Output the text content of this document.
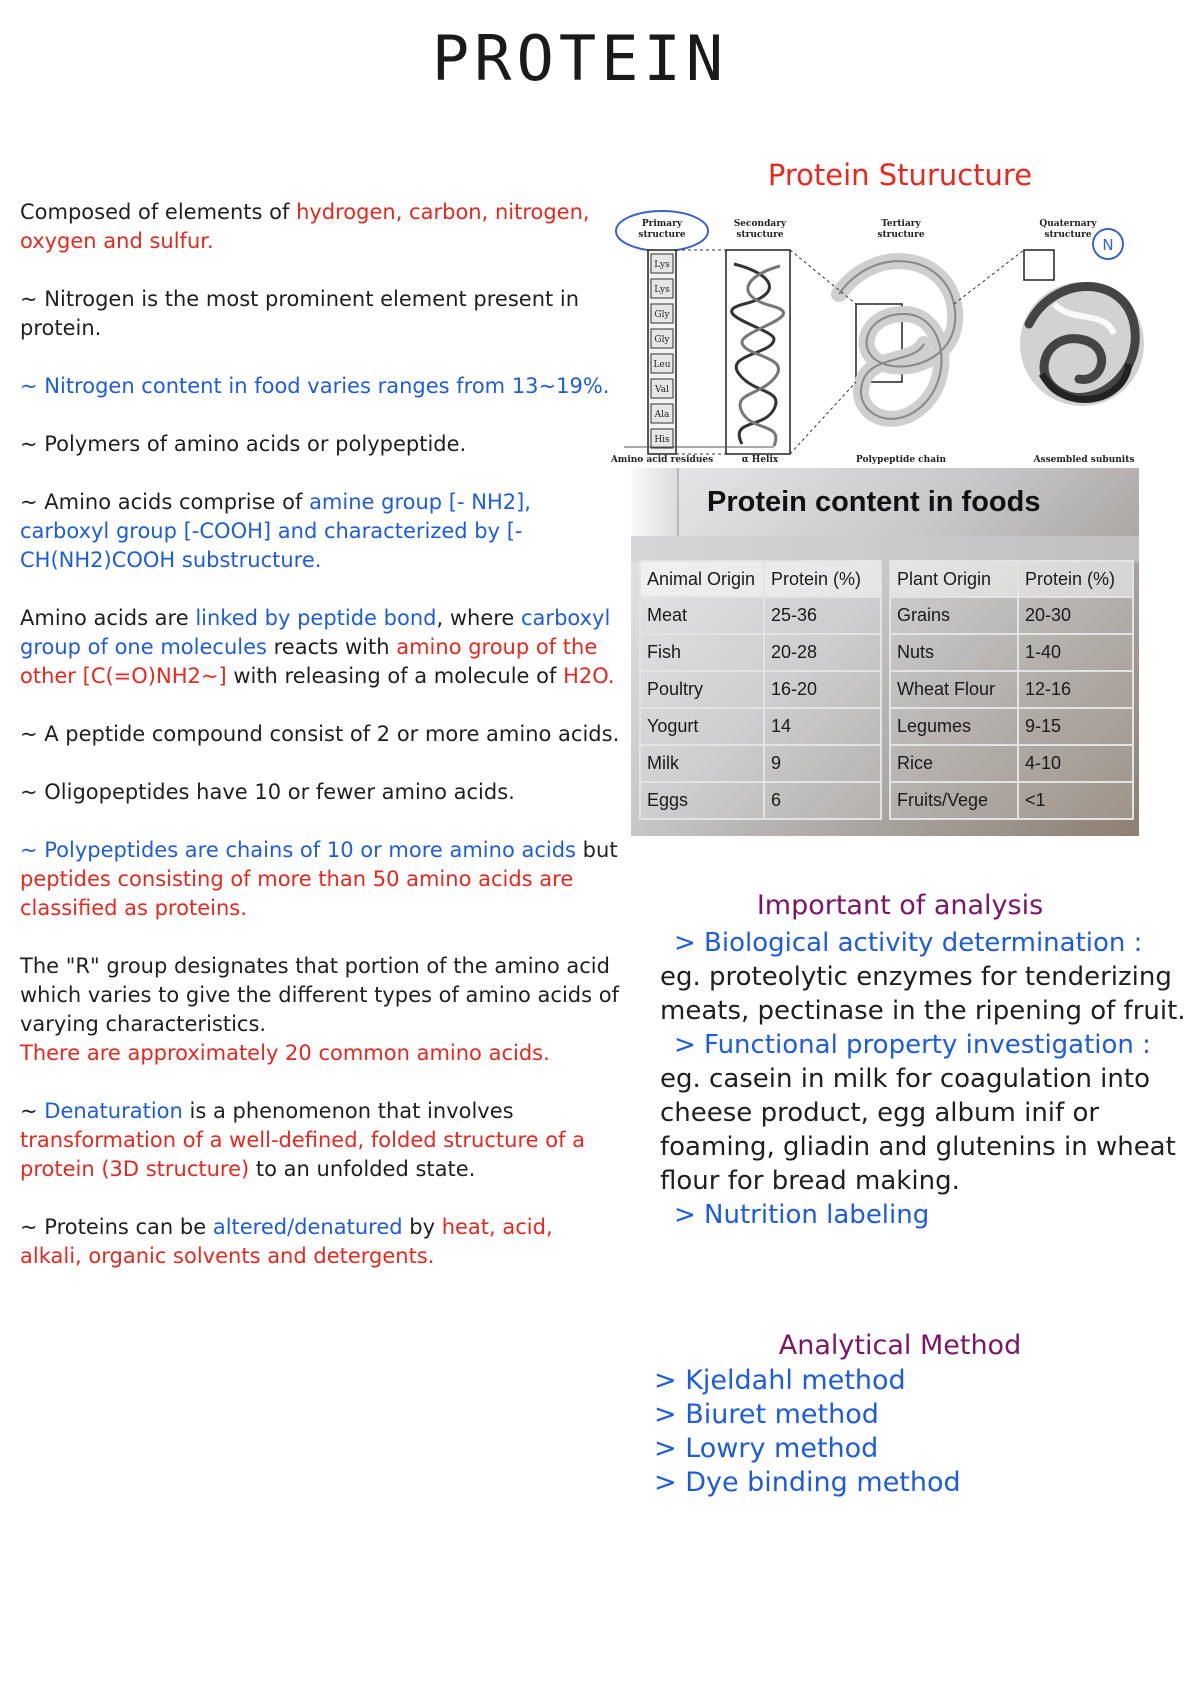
PROTEIN

Composed of elements of hydrogen, carbon, nitrogen, oxygen and sulfur.

~ Nitrogen is the most prominent element present in protein.

~ Nitrogen content in food varies ranges from 13~19%.

~ Polymers of amino acids or polypeptide.

~ Amino acids comprise of amine group [- NH2], carboxyl group [-COOH] and characterized by [-CH(NH2)COOH substructure.

Amino acids are linked by peptide bond, where carboxyl group of one molecules reacts with amino group of the other [C(=O)NH2~] with releasing of a molecule of H2O.

~ A peptide compound consist of 2 or more amino acids.

~ Oligopeptides have 10 or fewer amino acids.

~ Polypeptides are chains of 10 or more amino acids but peptides consisting of more than 50 amino acids are classified as proteins.

The "R" group designates that portion of the amino acid which varies to give the different types of amino acids of varying characteristics.
There are approximately 20 common amino acids.

~ Denaturation is a phenomenon that involves transformation of a well-defined, folded structure of a protein (3D structure) to an unfolded state.

~ Proteins can be altered/denatured by heat, acid, alkali, organic solvents and detergents.

Protein Sturucture
Primary
structure
Secondary
structure
Tertiary
structure
Quaternary
structure
N
Lys
Lys
Gly
Gly
Leu
Val
Ala
His
Amino acid residues	α Helix	Polypeptide chain	Assembled subunits
Protein content in foods
Animal Origin	Protein (%)
Meat	25-36
Fish	20-28
Poultry	16-20
Yogurt	14
Milk	9
Eggs	6
Plant Origin	Protein (%)
Grains	20-30
Nuts	1-40
Wheat Flour	12-16
Legumes	9-15
Rice	4-10
Fruits/Vege	<1
Important of analysis

> Biological activity determination : eg. proteolytic enzymes for tenderizing meats, pectinase in the ripening of fruit.

> Functional property investigation : eg. casein in milk for coagulation into cheese product, egg album inif or foaming, gliadin and glutenins in wheat flour for bread making.

> Nutrition labeling

Analytical Method
> Kjeldahl method
> Biuret method
> Lowry method
> Dye binding method
